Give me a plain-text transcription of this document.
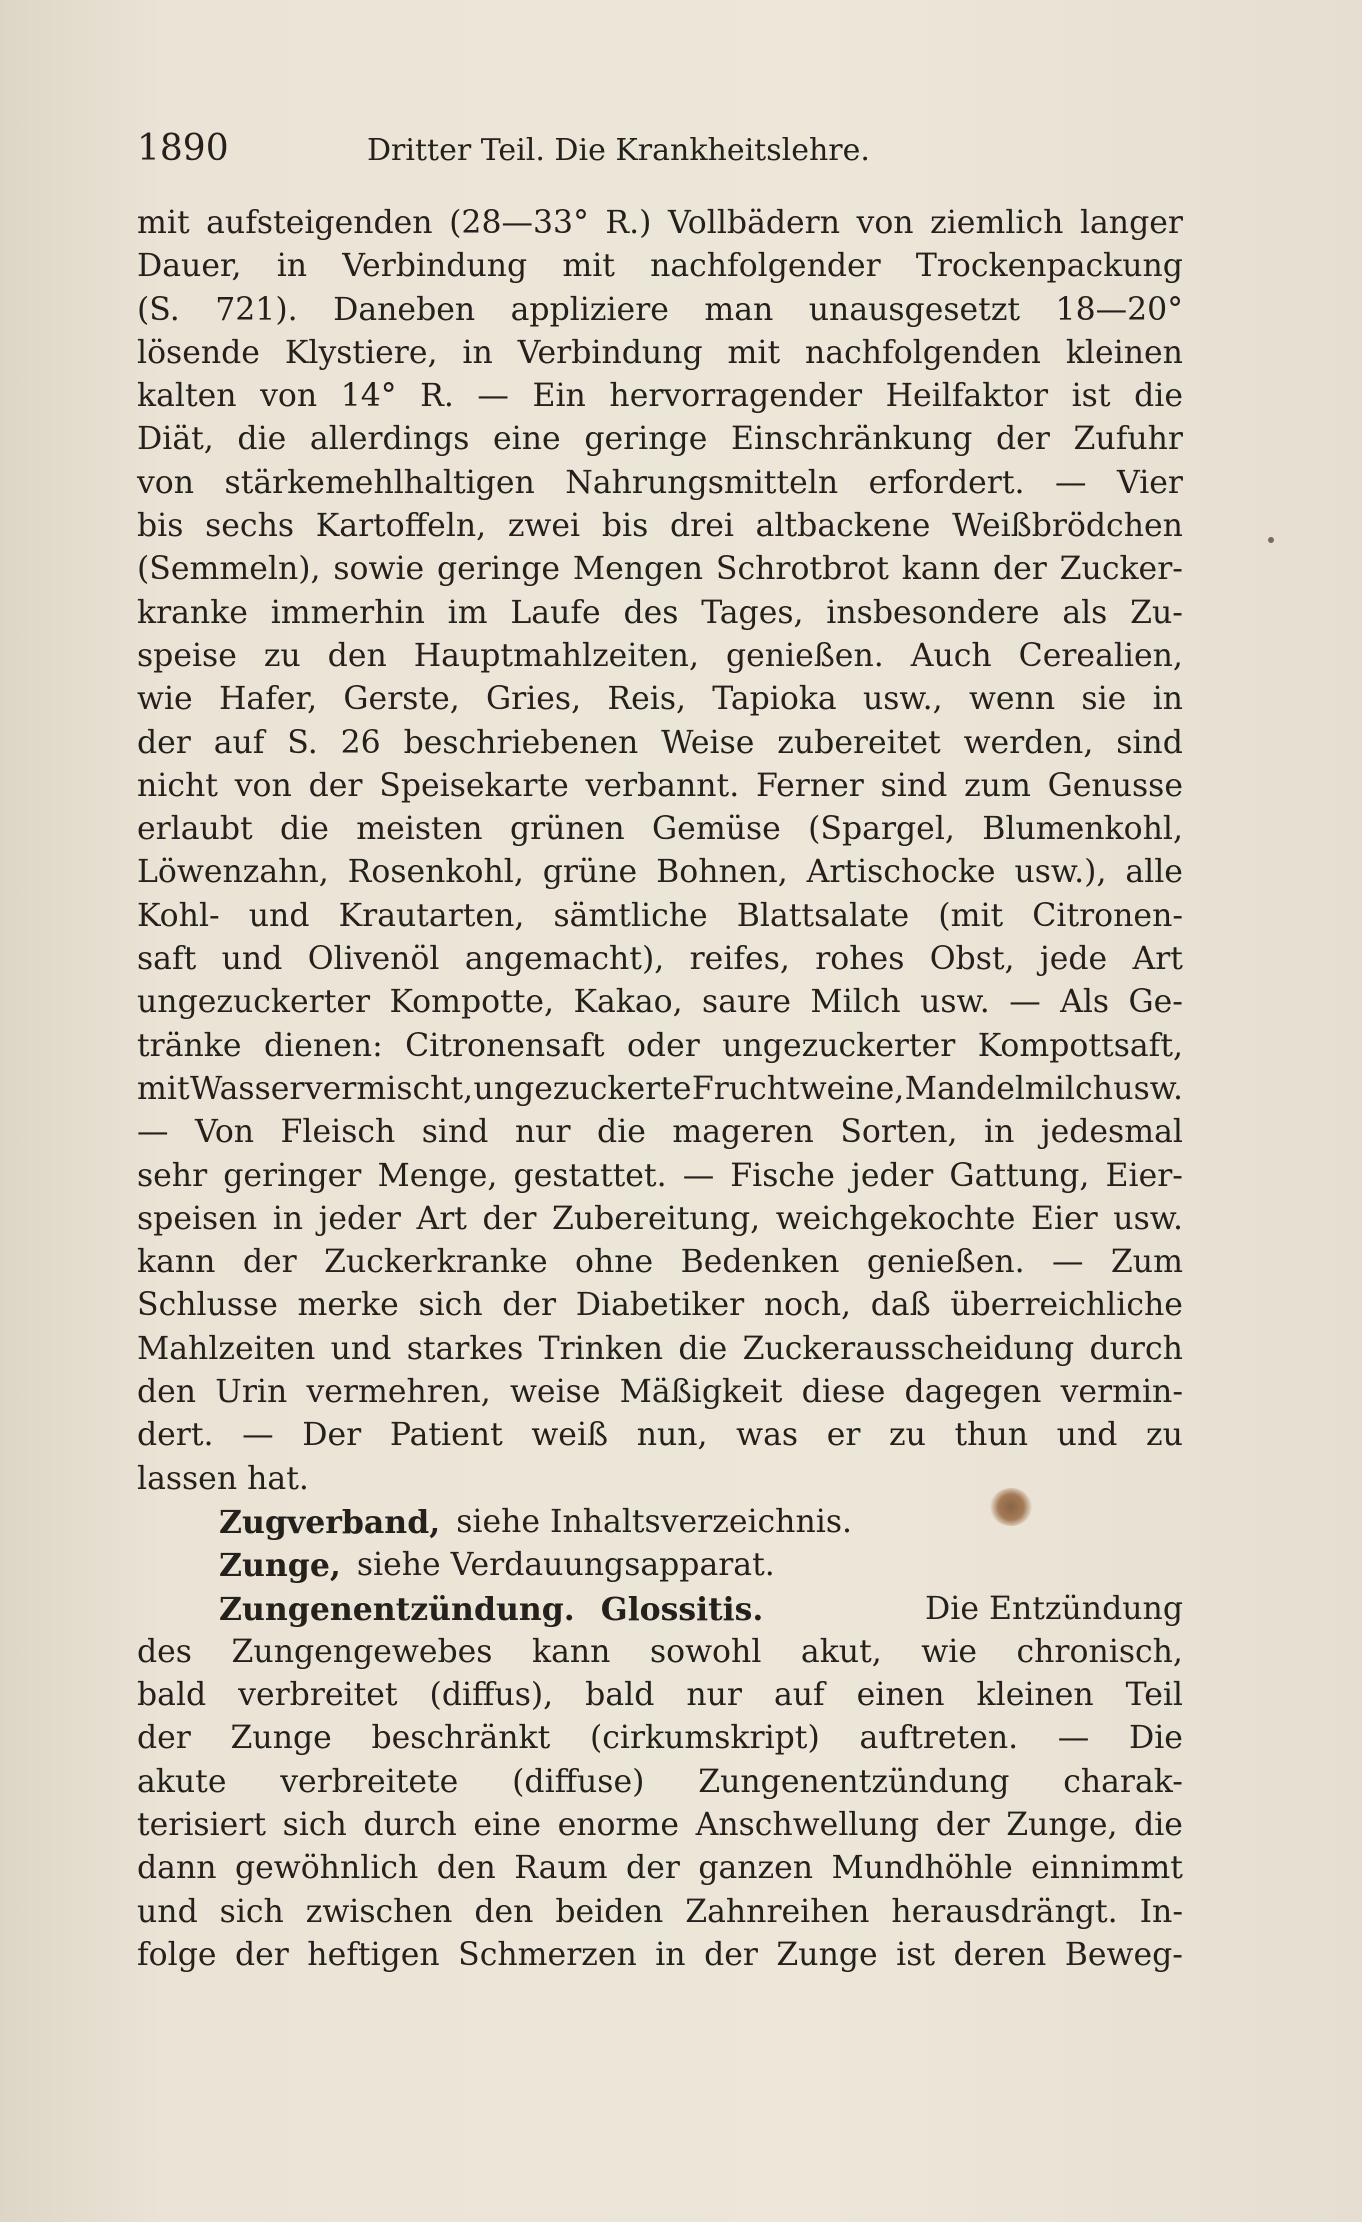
1890	Dritter Teil. Die Krankheitslehre.
mit aufsteigenden (28—33° R.) Vollbädern von ziemlich langer
Dauer, in Verbindung mit nachfolgender Trockenpackung
(S. 721). Daneben appliziere man unausgesetzt 18—20°
lösende Klystiere, in Verbindung mit nachfolgenden kleinen
kalten von 14° R. — Ein hervorragender Heilfaktor ist die
Diät, die allerdings eine geringe Einschränkung der Zufuhr
von stärkemehlhaltigen Nahrungsmitteln erfordert. — Vier
bis sechs Kartoffeln, zwei bis drei altbackene Weißbrödchen
(Semmeln), sowie geringe Mengen Schrotbrot kann der Zucker-
kranke immerhin im Laufe des Tages, insbesondere als Zu-
speise zu den Hauptmahlzeiten, genießen. Auch Cerealien,
wie Hafer, Gerste, Gries, Reis, Tapioka usw., wenn sie in
der auf S. 26 beschriebenen Weise zubereitet werden, sind
nicht von der Speisekarte verbannt. Ferner sind zum Genusse
erlaubt die meisten grünen Gemüse (Spargel, Blumenkohl,
Löwenzahn, Rosenkohl, grüne Bohnen, Artischocke usw.), alle
Kohl- und Krautarten, sämtliche Blattsalate (mit Citronen-
saft und Olivenöl angemacht), reifes, rohes Obst, jede Art
ungezuckerter Kompotte, Kakao, saure Milch usw. — Als Ge-
tränke dienen: Citronensaft oder ungezuckerter Kompottsaft,
mit Wasser vermischt, ungezuckerte Fruchtweine, Mandelmilch usw.
— Von Fleisch sind nur die mageren Sorten, in jedesmal
sehr geringer Menge, gestattet. — Fische jeder Gattung, Eier-
speisen in jeder Art der Zubereitung, weichgekochte Eier usw.
kann der Zuckerkranke ohne Bedenken genießen. — Zum
Schlusse merke sich der Diabetiker noch, daß überreichliche
Mahlzeiten und starkes Trinken die Zuckerausscheidung durch
den Urin vermehren, weise Mäßigkeit diese dagegen vermin-
dert. — Der Patient weiß nun, was er zu thun und zu
lassen hat.
Zugverband, siehe Inhaltsverzeichnis.
Zunge, siehe Verdauungsapparat.
Zungenentzündung. Glossitis.	Die Entzündung
des Zungengewebes kann sowohl akut, wie chronisch,
bald verbreitet (diffus), bald nur auf einen kleinen Teil
der Zunge beschränkt (cirkumskript) auftreten. — Die
akute verbreitete (diffuse) Zungenentzündung charak-
terisiert sich durch eine enorme Anschwellung der Zunge, die
dann gewöhnlich den Raum der ganzen Mundhöhle einnimmt
und sich zwischen den beiden Zahnreihen herausdrängt. In-
folge der heftigen Schmerzen in der Zunge ist deren Beweg-
